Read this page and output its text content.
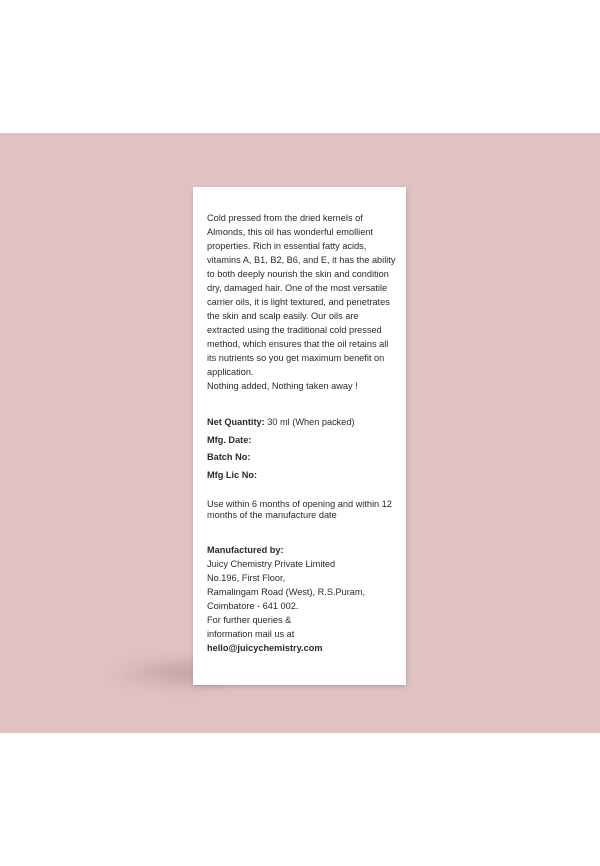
Cold pressed from the dried kernels of Almonds, this oil has wonderful emollient properties. Rich in essential fatty acids, vitamins A, B1, B2, B6, and E, it has the ability to both deeply nourish the skin and condition dry, damaged hair. One of the most versatile carrier oils, it is light textured, and penetrates the skin and scalp easily. Our oils are extracted using the traditional cold pressed method, which ensures that the oil retains all its nutrients so you get maximum benefit on application.

Nothing added, Nothing taken away !

Net Quantity: 30 ml (When packed)
Mfg. Date:
Batch No:
Mfg Lic No:

Use within 6 months of opening and within 12 months of the manufacture date

Manufactured by:

Juicy Chemistry Private Limited

No.196, First Floor,

Ramalingam Road (West), R.S.Puram,

Coimbatore - 641 002.

For further queries &

information mail us at

hello@juicychemistry.com
